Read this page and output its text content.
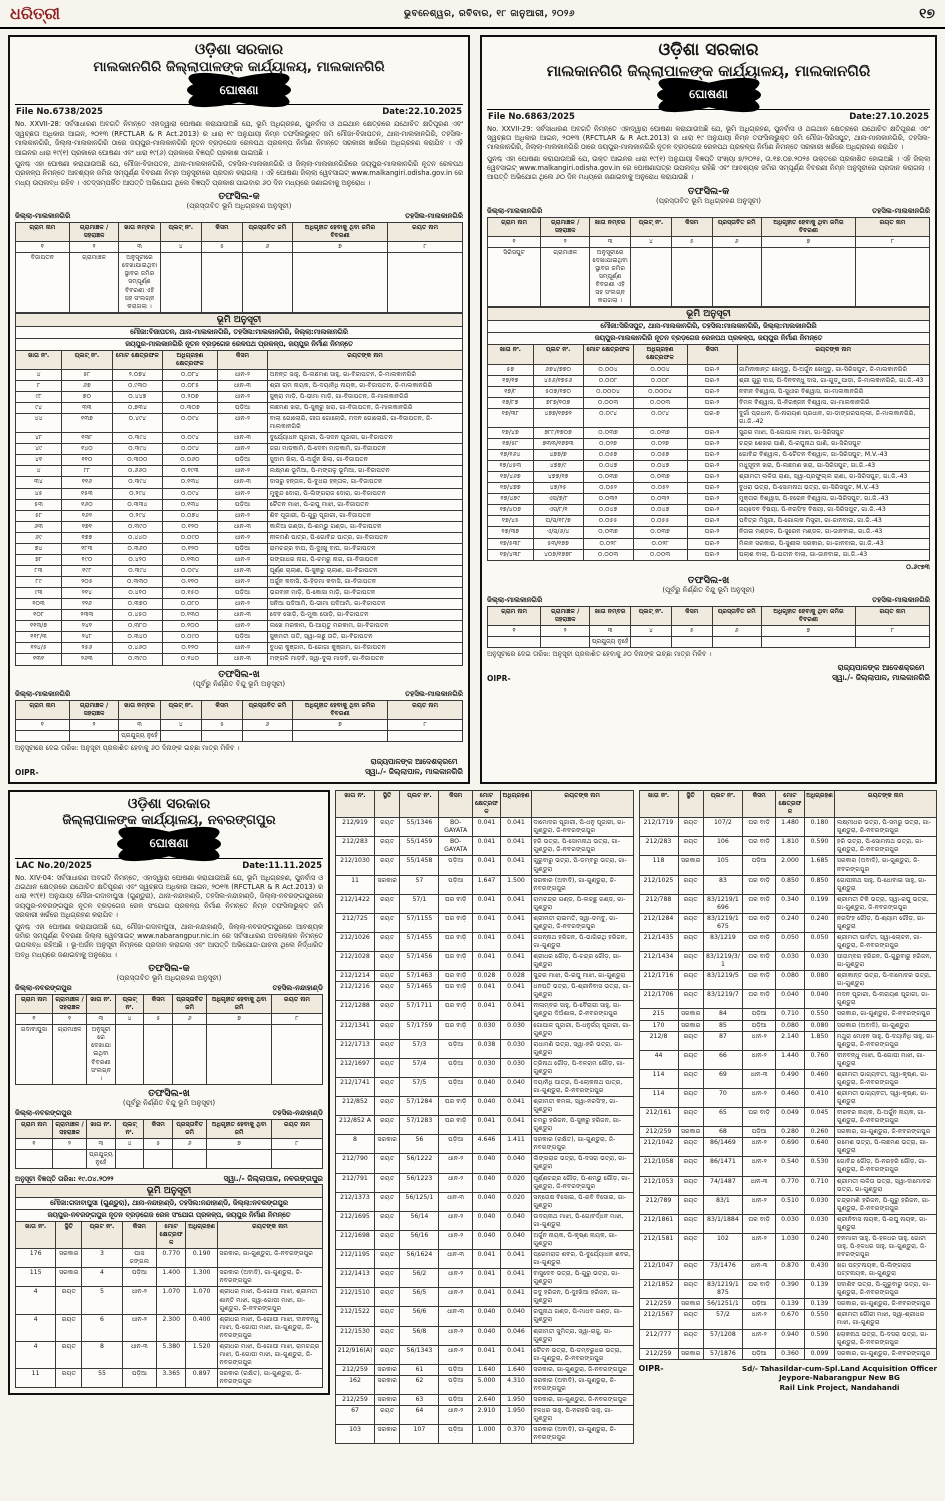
ଧରିତ୍ରୀ	ଭୁବନେଶ୍ୱର, ରବିବାର, ୧୮ ଜାନୁଆରୀ, ୨୦୨୬	୧୭
ଓଡ଼ିଶା ସରକାର
ମାଲକାନଗିରି ଜିଲ୍ଲାପାଳଙ୍କ କାର୍ଯ୍ୟାଳୟ, ମାଲକାନଗିରି
ଘୋଷଣା
File No.6738/2025	Date:22.10.2025

No. XXVII-28: ସର୍ବସାଧାରଣ ଅବଗତି ନିମନ୍ତେ ଏହାଦ୍ୱାରା ଘୋଷଣା କରାଯାଉଅଛି ଯେ, ଭୂମି ଅଧିଗ୍ରହଣ, ପୁନର୍ବାସ ଓ ଥଇଥାନ କ୍ଷେତ୍ରରେ ଯଥୋଚିତ କ୍ଷତିପୂରଣ ଏବଂ ସ୍ୱଚ୍ଛତା ଅଧିକାର ଆଇନ, ୨୦୧୩ (RFCTLAR & R Act.2013) ର ଧାରା ୧୯ ଅନୁଯାୟୀ ନିମ୍ନ ତଫସିଲଭୁକ୍ତ ଜମି ମୌଜା-ବିଜାପତନ, ଥାନା-ମାଲକାନଗିରି, ତହସିଲ-ମାଲକାନଗିରି, ଜିଲ୍ଲା-ମାଲକାନଗିରି ଠାରେ ଜୟପୁର-ମାଲକାନଗିରି ନୂତନ ବ୍ରଡ଼ଗେଜ ରେଳପଥ ପ୍ରକଳ୍ପ ନିର୍ମାଣ ନିମନ୍ତେ ସରକାରୀ ଖର୍ଚ୍ଚରେ ଅଧିଗ୍ରହଣ କରାଯିବ । ଏହି ଆଇନର ଧାରା ୧୯(୧) ପ୍ରକାରେ ଘୋଷଣା ଏବଂ ଧାରା ୧୯(୬) ପ୍ରକାରେ ବିଜ୍ଞପ୍ତି ପ୍ରକାଶ ପାଇଅଛି ।

ପୁନଶ୍ଚ ଏହା ଘୋଷଣା କରାଯାଉଅଛି ଯେ, ମୌଜା-ବିଜାପତନ, ଥାନା-ମାଲକାନଗିରି, ତହସିଲ-ମାଲକାନଗିରି ଓ ଜିଲ୍ଲା-ମାଲକାନଗିରିରେ ଜୟପୁର-ମାଲକାନଗିରି ନୂତନ ରେଳପଥ ପ୍ରକଳ୍ପ ନିମନ୍ତେ ଆବଶ୍ୟକ ଜମିର ସମ୍ପୂର୍ଣ୍ଣ ବିବରଣୀ ନିମ୍ନ ଅନୁସୂଚୀରେ ପ୍ରଦାନ କରାଗଲା । ଏହି ଘୋଷଣା ଜିଲ୍ଲା ୱେବସାଇଟ୍ www.malkangiri.odisha.gov.in ରେ ମଧ୍ୟ ଉପଲବ୍ଧ ରହିବ । ଏତଦ୍‌ସମ୍ପର୍କିତ ଆପତ୍ତି ଅଭିଯୋଗ ଥିଲେ ବିଜ୍ଞପ୍ତି ପ୍ରକାଶ ପାଇବାର ୬୦ ଦିନ ମଧ୍ୟରେ ଜଣାଇବାକୁ ଅନୁରୋଧ ।

ତଫସିଲ-କ
(ପ୍ରସ୍ତାବିତ ଭୂମି ଅଧିଗ୍ରହଣ ଅନୁସୂଚୀ)
ଜିଲ୍ଲା-ମାଲକାନଗିରି	ତହସିଲ-ମାଲକାନଗିରି
ଗ୍ରାମ ନାମ	ଗ୍ରାମାଞ୍ଚଳ / ସହରାଞ୍ଚଳ	ଖାତା ନମ୍ବର	ପ୍ଲଟ୍ ନଂ.	କିସମ	ପ୍ରସ୍ତାବିତ ଜମି	ଅଧିଗୃହୀତ ହେବାକୁ ଥିବା ଜମିର ବିବରଣୀ	ରୟତ ନାମ
୧	୨	୩	୪	୫	୬	୭	୮
ବିଜାପତନ	ଗ୍ରାମାଞ୍ଚଳ	ଅନୁସୂଚୀରେ ଦେଖାଯାଇଥିବା ସ୍ଥାବର ଜମିର ସମ୍ପୂର୍ଣ୍ଣ ବିବରଣୀ ଏହି ସହ ସଂଲଗ୍ନ କରାଗଲା ।					
ଭୂମି ଅନୁସୂଚୀ
ମୌଜା:ବିଜାପତନ, ଥାନା-ମାଲକାନଗିରି, ତହସିଲ:ମାଲକାନଗିରି, ଜିଲ୍ଲା:ମାଲକାନଗିରି
ଜୟପୁର-ମାଲକାନଗିରି ନୂତନ ବ୍ରଡ଼ଗେଜ ରେଳପଥ ପ୍ରକଳ୍ପ, ଜୟପୁର ନିର୍ମାଣ ନିମନ୍ତେ
ଖାତା ନଂ.	ପ୍ଲଟ୍ ନଂ.	ମୋଟ କ୍ଷେତ୍ରଫଳ	ଅଧିଗ୍ରହଣ କ୍ଷେତ୍ରଫଳ	କିସମ	ରୟତଙ୍କ ନାମ
୪	୫୮	୨.୦୭୪	୦.୦୮୪	ଧାନ-୨	ଅନନ୍ତ ସାହୁ, ପି-ଲଛମଣ ସାହୁ, ଗା-ବିଜାପତନ, ଜି-ମାଲକାନଗିରି
୮	୬୭	୦.୯୩୦	୦.୦୮୫	ଧାନ-୩	ଶ୍ରୀ ରାମ ନାୟକ, ପି-ଦୟାନିଧି ନାୟକ, ଗା-ବିଜାପତନ, ଜି-ମାଲକାନଗିରି
୯୮	୭୦	୦.୪୪୭	୦.୨୦୭	ଧାନ-୨	ସୁକ୍ରା ମାଡ଼ି, ପି-ଭୀମା ମାଡ଼ି, ଗା-ବିଜାପତନ, ଜି-ମାଲକାନଗିରି
୯୪	୩୩	୦.୭୩୪	୦.୩୦୭	ପଡ଼ିଆ	ଲଛମଣ ଖରା, ପି-ସୁକ୍ରୁ ଖରା, ଗା-ବିଜାପତନ, ଜି-ମାଲକାନଗିରି
୪୪	୧୩୭	୦.୪୯୪	୦.୦୯୪	ଧାନ-୨	ବାଲା ଗୋଲୋରି, ଗୀତା ଗୋଲୋରି, ମଦନ ଗୋଲୋରି, ଗା-ବିଜାପତନ, ଜି-ମାଲକାନଗିରି
୪୮	୧୩୮	୦.୩୯୪	୦.୦୯୪	ଧାନ-୩	ଦୁର୍ଯ୍ୟୋଧନ ପୂଜାରୀ, ପି-ସଦନ ପୂଜାରୀ, ଗା-ବିଜାପତନ
୪୯	୧୪୦	୦.୩୯୪	୦.୦୯୪	ଧାନ-୨	ଜଗା ମାଡ଼କାମି, ପି-ଦେବା ମାଡ଼କାମି, ଗା-ବିଜାପତନ
୪୧	୧୧୦	୦.୩୦୦	୦.୦୬୦	ପଡ଼ିଆ	ସୁଦାମ ଖିଲା, ପି-ଅର୍ଜୁନ ଖିଲା, ଗା-ବିଜାପତନ
୪	୮୮	୦.୬୬୦	୦.୧୯୩	ଧାନ-୨	ଲକ୍ଷ୍ମଣ ଭୂମିଆ, ପି-ମଙ୍ଗଳୁ ଭୂମିଆ, ଗା-ବିଜାପତନ
୩୪	୧୧୬	୦.୩୯୪	୦.୧୩୪	ଧାନ-୩	ଦାସରୁ ହନ୍ତାଳ, ପି-ବୁଧରା ହନ୍ତାଳ, ଗା-ବିଜାପତନ
୪୫	୧୫୩	୦.୨୯୪	୦.୦୯୪	ଧାନ-୨	ମୁକୁନ୍ଦ ଦୋରା, ପି-ଲିଙ୍ଗରାଜ ଦୋରା, ଗା-ବିଜାପତନ
୫୩	୧୬୦	୦.୩୩୪	୦.୧୩୪	ପଡ଼ିଆ	ଚୈତନ ମାଝୀ, ପି-ରଘୁ ମାଝୀ, ଗା-ବିଜାପତନ
୫୮	୧୬୨	୦.୨୯୪	୦.୦୭୪	ଧାନ-୨	ଶିବ ପୂଜାରୀ, ପି-ଗୁରୁ ପୂଜାରୀ, ଗା-ବିଜାପତନ
୬୩	୧୭୧	୦.୩୯୦	୦.୧୨୦	ଧାନ-୩	କାଳିଆ ଗଣ୍ଡା, ପି-ଶମ୍ଭୁ ଗଣ୍ଡା, ଗା-ବିଜାପତନ
୬୯	୧୭୭	୦.୪୪୦	୦.୦୯୦	ଧାନ-୨	ନୀଳମଣି ପାତ୍ର, ପି-ଗୋବିନ୍ଦ ପାତ୍ର, ଗା-ବିଜାପତନ
୭୪	୧୮୩	୦.୩୬୦	୦.୧୨୦	ପଡ଼ିଆ	ରାମଚନ୍ଦ୍ର ବାଘ, ପି-ଦୁଃଖୁ ବାଘ, ଗା-ବିଜାପତନ
୭୮	୧୯୦	୦.୪୨୦	୦.୧୩୦	ଧାନ-୨	ଗଙ୍ଗାଧର ନାଗ, ପି-ଚମରୁ ନାଗ, ଗା-ବିଜାପତନ
୮୩	୧୯୮	୦.୩୯୪	୦.୦୯୪	ଧାନ-୩	ପୂର୍ଣ୍ଣ ଚାଲାଣ, ପି-ସୁକରୁ ଚାଲାଣ, ଗା-ବିଜାପତନ
୮୯	୨୦୫	୦.୩୩୦	୦.୧୧୦	ଧାନ-୨	ଅର୍ଜୁନ କବାସି, ପି-ହିଡ଼ମା କବାସି, ଗା-ବିଜାପତନ
୯୩	୨୧୪	୦.୪୧୦	୦.୧୫୦	ପଡ଼ିଆ	ଭଗବାନ ମାଡ଼ି, ପି-କୋସା ମାଡ଼ି, ଗା-ବିଜାପତନ
୧୦୩	୨୨୬	୦.୩୭୦	୦.୦୮୦	ଧାନ-୨	ସନିଆ ପଦିଆମି, ପି-ଭୀମା ପଦିଆମି, ଗା-ବିଜାପତନ
୧୦୮	୨୩୩	୦.୪୫୦	୦.୧୩୦	ଧାନ-୩	ଦେବ ସୋଡ଼ି, ପି-ମୁକା ସୋଡ଼ି, ଗା-ବିଜାପତନ
୧୧୩/୭	୨୪୧	୦.୩୮୦	୦.୧୦୦	ଧାନ-୨	ଲଖେ ମରକାମ, ପି-ଆୟତୁ ମରକାମ, ଗା-ବିଜାପତନ
୧୧୮/୩	୨୪୮	୦.୩୪୦	୦.୦୯୦	ପଡ଼ିଆ	ସୁକମତୀ ତାତି, ସ୍ୱା-ଲଛୁ ତାତି, ଗା-ବିଜାପତନ
୧୨୪/୫	୨୫୬	୦.୪୬୦	୦.୧୨୦	ଧାନ-୨	ବୁଧରା କୁଞ୍ଜାମ, ପି-ଜୋଗା କୁଞ୍ଜାମ, ଗା-ବିଜାପତନ
୧୩୧	୨୬୩	୦.୩୯୦	୦.୧୪୦	ଧାନ-୩	ମଙ୍ଗଳି ମାଡ଼ବି, ସ୍ୱା-ଦୁଲା ମାଡ଼ବି, ଗା-ବିଜାପତନ
ତଫସିଲ-ଖ
(ପୂର୍ବରୁ ନିର୍ଣ୍ଣିତ ବିନ୍ଦୁ ଭୂମି ଅନୁସୂଚୀ)
ଜିଲ୍ଲା-ମାଲକାନଗିରି	ତହସିଲ-ମାଲକାନଗିରି
ଗ୍ରାମ ନାମ	ଗ୍ରାମାଞ୍ଚଳ / ସହରାଞ୍ଚଳ	ଖାତା ନମ୍ବର	ପ୍ଲଟ୍ ନଂ.	କିସମ	ପ୍ରସ୍ତାବିତ ଜମି	ଅଧିଗୃହୀତ ହେବାକୁ ଥିବା ଜମିର ବିବରଣୀ	ରୟତ ନାମ
୧	୨	୩	୪	୫	୬	୭	୮
		ପ୍ରଯୁଜ୍ୟ ନୁହେଁ					
ଅନୁସୂଚୀରେ ଦେଇ ତାରିଖ: ଅନୁସୂଚୀ ପ୍ରକାଶିତ ହେବାକୁ ୬୦ ଦିନାଙ୍କ ଇଚ୍ଛା ମାତ୍ର ମିଳିବ ।
OIPR-
ରାଜ୍ୟପାଳଙ୍କ ଆଦେଶକ୍ରମେ
ସ୍ୱା./- ଜିଲ୍ଲାପାଳ, ମାଲକାନଗିରି
ଓଡ଼ିଶା ସରକାର
ମାଲକାନଗିରି ଜିଲ୍ଲାପାଳଙ୍କ କାର୍ଯ୍ୟାଳୟ, ମାଲକାନଗିରି
ଘୋଷଣା
File No.6863/2025	Date:27.10.2025

No. XXVII-29: ସର୍ବସାଧାରଣ ଅବଗତି ନିମନ୍ତେ ଏହାଦ୍ୱାରା ଘୋଷଣା କରାଯାଉଅଛି ଯେ, ଭୂମି ଅଧିଗ୍ରହଣ, ପୁନର୍ବାସ ଓ ଥଇଥାନ କ୍ଷେତ୍ରରେ ଯଥୋଚିତ କ୍ଷତିପୂରଣ ଏବଂ ସ୍ୱଚ୍ଛତା ଅଧିକାର ଆଇନ, ୨୦୧୩ (RFCTLAR & R Act.2013) ର ଧାରା ୧୯ ଅନୁଯାୟୀ ନିମ୍ନ ତଫସିଲଭୁକ୍ତ ଜମି ମୌଜା-ସିରିସପୁଟ, ଥାନା-ମାଲକାନଗିରି, ତହସିଲ-ମାଲକାନଗିରି, ଜିଲ୍ଲା-ମାଲକାନଗିରି ଠାରେ ଜୟପୁର-ମାଲକାନଗିରି ନୂତନ ବ୍ରଡ଼ଗେଜ ରେଳପଥ ପ୍ରକଳ୍ପ ନିର୍ମାଣ ନିମନ୍ତେ ସରକାରୀ ଖର୍ଚ୍ଚରେ ଅଧିଗ୍ରହଣ କରାଯିବ ।

ପୁନଶ୍ଚ ଏହା ଘୋଷଣା କରାଯାଉଅଛି ଯେ, ଉକ୍ତ ଆଇନର ଧାରା ୧୯(୧) ଅନୁଯାୟୀ ବିଜ୍ଞପ୍ତି ସଂଖ୍ୟା ୭/୨୦୨୫, ତା.୧୭.୦୭.୨୦୨୫ ଉକ୍ତରେ ପ୍ରକାଶିତ ହୋଇଅଛି । ଏହି ଜିଲ୍ଲା ୱେବସାଇଟ୍ www.malkangiri.odisha.gov.in ରେ ଘୋଷଣାପତ୍ର ଉପଲବ୍ଧ ରହିଛି ଏବଂ ଆବଶ୍ୟକ ଜମିର ସମ୍ପୂର୍ଣ୍ଣ ବିବରଣୀ ନିମ୍ନ ଅନୁସୂଚୀରେ ପ୍ରଦାନ କରାଗଲା । ଆପତ୍ତି ଅଭିଯୋଗ ଥିଲେ ୬୦ ଦିନ ମଧ୍ୟରେ ଜଣାଇବାକୁ ଅନୁରୋଧ କରାଯାଉଛି ।

ତଫସିଲ-କ
(ପ୍ରସ୍ତାବିତ ଭୂମି ଅଧିଗ୍ରହଣ ଅନୁସୂଚୀ)
ଜିଲ୍ଲା-ମାଲକାନଗିରି	ତହସିଲ-ମାଲକାନଗିରି
ଗ୍ରାମ ନାମ	ଗ୍ରାମାଞ୍ଚଳ / ସହରାଞ୍ଚଳ	ଖାତା ନମ୍ବର	ପ୍ଲଟ୍ ନଂ.	କିସମ	ପ୍ରସ୍ତାବିତ ଜମି	ଅଧିଗୃହୀତ ହେବାକୁ ଥିବା ଜମିର ବିବରଣୀ	ରୟତ ନାମ
୧	୨	୩	୪	୫	୬	୭	୮
ସିରିସପୁଟ	ଗ୍ରାମାଞ୍ଚଳ	ଅନୁସୂଚୀରେ ଦେଖାଯାଇଥିବା ସ୍ଥାବର ଜମିର ସମ୍ପୂର୍ଣ୍ଣ ବିବରଣୀ ଏହି ସହ ସଂଲଗ୍ନ କରାଗଲା ।					
ଭୂମି ଅନୁସୂଚୀ
ମୌଜା:ସିରିସପୁଟ, ଥାନା-ମାଲକାନଗିରି, ତହସିଲ:ମାଲକାନଗିରି, ଜିଲ୍ଲା:ମାଲକାନଗିରି
ଜୟପୁର-ମାଲକାନଗିରି ନୂତନ ବ୍ରଡ଼ଗେଜ ରେଳପଥ ପ୍ରକଳ୍ପ, ଜୟପୁର ନିର୍ମାଣ ନିମନ୍ତେ
ଖାତା ନଂ.	ପ୍ଲଟ ନଂ.	ମୋଟ କ୍ଷେତ୍ରଫଳ	ଅଧିଗ୍ରହଣ କ୍ଷେତ୍ରଫଳ	କିସମ	ରୟତଙ୍କ ନାମ
୫୭	୬୭୪/୭୭୦	୦.୦୦୪	୦.୦୦୪	ଘର-୨	ଜାମିନୀକାନ୍ତ ଖେମୁଡୁ, ପି-ଅର୍ଜୁନ ଖେମୁଡୁ, ଗା-ସିରିସପୁଟ, ଜି-ମାଲକାନଗିରି
୧୭/୧୭	୪୫୬/୧୭୫୬	୦.୦୦୮	୦.୦୦୮	ଘର-୨	ଶ୍ରୀ ଗୁରୁ ଦାସ, ପି-ଦିନବନ୍ଧୁ ଦାସ, ଗା-ଗୁଡ଼ୁପାଡ଼ା, ଜି-ମାଲକାନଗିରି, ଗା.ଜି.-43
୧୭/୮	୫୦୭/୧୭୦	୦.୦୦୦୪	୦.୦୦୦୪	ଘର-୨	ନବୀନ ବିଶ୍ୱାସ, ପି-ସୁଧୀର ବିଶ୍ୱାସ, ଗା-ମାଲକାନଗିରି
୧୭/୮୭	୭୮୭/୧୦୭	୦.୦୦୩	୦.୦୦୩	ଘର-୨	ବିମଳ ବିଶ୍ୱାସ, ପି-ନିରଞ୍ଜନ ବିଶ୍ୱାସ, ଗା-ମାଲକାନଗିରି
୧୭/୩୮	୪୭୭/୧୭୭୨	୦.୦୯୪	୦.୦୯୪	ଘର-୭	ଦୁର୍ଗା ପ୍ରଧାନ, ପି-ନାରାୟଣ ପ୍ରଧାନ, ଗା-ଡାଙ୍ଗରପଲ୍ଲୀ, ଜି-ମାଲକାନଗିରି, ଗା.ଜି.-42
୧୭/୪୭	୭୮୮/୧୭୦୭	୦.୦୩୭	୦.୦୩୭	ଘର-୨	ସୁନ୍ଦର ମାଝୀ, ପି-ଗୋପାଳ ମାଝୀ, ଗା-ସିରିସପୁଟ
୧୭/୫୮	୭୩୩/୧୭୭୩	୦.୦୨୭	୦.୦୨୭	ଘର-୨	ଚନ୍ଦ୍ର ଶେଖର ପାଣି, ପି-ରଘୁନାଥ ପାଣି, ଗା-ସିରିସପୁଟ
୧୭/୧୬୪	୪୭୭/୭	୦.୦୫୭	୦.୦୫୭	ଘର-୨	ଗୋବିନ୍ଦ ବିଶ୍ୱାଳ, ପି-ଚୈତନ ବିଶ୍ୱାଳ, ଗା-ସିରିସପୁଟ, M.V.-43
୧୭/୪୫୩	୪୭୭/୯	୦.୦୪୭	୦.୦୪୭	ଘର-୨	ମଧୁସୂଦନ ଖରା, ପି-ଲଛମଣ ଖରା, ଗା-ସିରିସପୁଟ, ଗା.ଜି.-43
୧୭/୪୬୭	୪୭୭/୧୭	୦.୦୩୭	୦.୦୩୭	ଘର-୨	ଶ୍ରୀମତୀ ଲଳିତା ରାଣା, ସ୍ୱା-ପ୍ରଫୁଲ୍ଲ ରାଣା, ଗା-ସିରିସପୁଟ, ଗା.ଜି.-43
୧୭/୪୭୭	୪୭/୨୫	୦.୦୫୨	୦.୦୫୨	ଘର-୨	ବୁଧରା ଭତ୍ରା, ପି-ସୋମନାଥ ଭତ୍ରା, ଗା-ସିରିସପୁଟ, M.V.-43
୧୭/୪୭୯	ଏସ/୭/୮	୦.୦୩୨	୦.୦୩୨	ଘର-୨	ମୁକ୍ତାର ବିଶ୍ୱାସ, ପି-ହରେନ ବିଶ୍ୱାସ, ଗା-ସିରିସପୁଟ, ଗା.ଜି.-43
୧୭/୪୦୭	ଏସ/୮/୧	୦.୦୪୭	୦.୦୪୭	ଘର-୨	ଜୟଦେବ ବିଷୟୀ, ପି-ନରସିଂହ ବିଷୟୀ, ଗା-ସିରିସପୁଟ, ଗା.ଜି.-43
୧୭/୪୫	ଘ/ସ/୧୮/୭	୦.୦୫୫	୦.୦୫୫	ଘର-୨	ପବିତ୍ର ମିସ୍ତ୍ରୀ, ପି-ଗୋଲକ ମିସ୍ତ୍ରୀ, ଗା-ଜାନବାଇ, ଗା.ଜି.-43
୧୭/୩୭	ଏ/ସ/୬/୪	୦.୦୩୭	୦.୦୩୭	ଘର-୨	ନିତାଇ ମଣ୍ଡଳ, ପି-ସୁରେନ ମଣ୍ଡଳ, ଗା-ଜାନବାଇ, ଗା.ଜି.-43
୧୭/୫୩୮	୫୩/୧୭୭	୦.୦୨୮	୦.୦୨୮	ଘର-୨	ମିଲନ ସରକାର, ପି-ସୁଶୀଲ ସରକାର, ଗା-ଜାନବାଇ, ଗା.ଜି.-43
୧୭/୪୩୮	୪୦୭/୧୭୭୮	୦.୦୦୩	୦.୦୦୩	ଘର-୨	ପଲାଶ ବାଲା, ପି-ଯତୀନ ବାଲା, ଗା-ଜାନବାଇ, ଗା.ଜି.-43
୦.୬୯୭୩
ତଫସିଲ-ଖ
(ପୂର୍ବରୁ ନିର୍ଣ୍ଣିତ ବିନ୍ଦୁ ଭୂମି ଅନୁସୂଚୀ)
ଜିଲ୍ଲା-ମାଲକାନଗିରି	ତହସିଲ-ମାଲକାନଗିରି
ଗ୍ରାମ ନାମ	ଗ୍ରାମାଞ୍ଚଳ / ସହରାଞ୍ଚଳ	ଖାତା ନମ୍ବର	ପ୍ଲଟ୍ ନଂ.	କିସମ	ପ୍ରସ୍ତାବିତ ଜମି	ଅଧିଗୃହୀତ ହେବାକୁ ଥିବା ଜମିର ବିବରଣୀ	ରୟତ ନାମ
୧	୨	୩	୪	୫	୬	୭	୮
		ପ୍ରଯୁଜ୍ୟ ନୁହେଁ					
ଅନୁସୂଚୀରେ ଦେଇ ତାରିଖ: ଅନୁସୂଚୀ ପ୍ରକାଶିତ ହେବାକୁ ୬୦ ଦିନାଙ୍କ ଇଚ୍ଛା ମାତ୍ର ମିଳିବ ।
OIPR-
ରାଜ୍ୟପାଳଙ୍କ ଆଦେଶକ୍ରମେ
ସ୍ୱା./- ଜିଲ୍ଲାପାଳ, ମାଲକାନଗିରି
ଓଡ଼ିଶା ସରକାର
ଜିଲ୍ଲାପାଳଙ୍କ କାର୍ଯ୍ୟାଳୟ, ନବରଙ୍ଗପୁର
ଘୋଷଣା
LAC No.20/2025	Date:11.11.2025

No. XIV-04: ସର୍ବସାଧାରଣ ଅବଗତି ନିମନ୍ତେ, ଏହାଦ୍ୱାରା ଘୋଷଣା କରାଯାଉଅଛି ଯେ, ଭୂମି ଅଧିଗ୍ରହଣ, ପୁନର୍ବାସ ଓ ଥଇଥାନ କ୍ଷେତ୍ରରେ ଯଥୋଚିତ କ୍ଷତିପୂରଣ ଏବଂ ସ୍ୱଚ୍ଛତା ଅଧିକାର ଆଇନ, ୨୦୧୩ (RFCTLAR & R Act.2013) ର ଧାରା ୧୯(୧) ଅନୁଯାୟୀ ମୌଜା-ଗଦାବାଘୁସା (ଗୁଣ୍ଡୁରା), ଥାନା-ନନ୍ଦାହାଣ୍ଡି, ତହସିଲ-ନନ୍ଦାହାଣ୍ଡି, ଜିଲ୍ଲା-ନବରଙ୍ଗପୁରରେ ଜୟପୁର-ନବରଙ୍ଗପୁର ନୂତନ ବ୍ରଡ଼ଗେଜ ରେଳ ସଂଯୋଗ ପ୍ରକଳ୍ପ ନିର୍ମାଣ ନିମନ୍ତେ ନିମ୍ନ ତଫସିଲଭୁକ୍ତ ଜମି ସରକାରୀ ଖର୍ଚ୍ଚରେ ଅଧିଗ୍ରହଣ କରାଯିବ ।

ପୁନଶ୍ଚ ଏହା ଘୋଷଣା କରାଯାଉଅଛି ଯେ, ମୌଜା-ଗଦାବାଘୁସା, ଥାନା-ନନ୍ଦାହାଣ୍ଡି, ଜିଲ୍ଲା-ନବରଙ୍ଗପୁରରେ ଆବଶ୍ୟକ ଜମିର ସମ୍ପୂର୍ଣ୍ଣ ବିବରଣୀ ଜିଲ୍ଲା ୱେବସାଇଟ୍ www.nabarangpur.nic.in ରେ ସର୍ବସାଧାରଣ ଅବଲୋକନ ନିମନ୍ତେ ଉପଲବ୍ଧ ରହିଅଛି । ଭୂ-ଅର୍ଜନ ଅନୁସୂଚୀ ନିମ୍ନରେ ପ୍ରଦାନ କରାଗଲା ଏବଂ ଆପତ୍ତି ଅଭିଯୋଗ-ଯାଚନା ଥିଲେ ନିର୍ଦ୍ଧାରିତ ଅବଧି ମଧ୍ୟରେ ଜଣାଇବାକୁ ଅନୁରୋଧ ।

ତଫସିଲ-କ
(ପ୍ରସ୍ତାବିତ ଭୂମି ଅଧିଗ୍ରହଣ ଅନୁସୂଚୀ)
ଜିଲ୍ଲା-ନବରଙ୍ଗପୁର	ତହସିଲ-ନନ୍ଦାହାଣ୍ଡି
ଗ୍ରାମ ନାମ	ଗ୍ରାମାଞ୍ଚଳ / ସହରାଞ୍ଚଳ	ଖାତା ନଂ.	ପ୍ଲଟ୍ ନଂ.	କିସମ	ପ୍ରସ୍ତାବିତ ଜମି	ଅଧିଗୃହୀତ ହେବାକୁ ଥିବା ଜମି	ରୟତ ନାମ
୧	୨	୩	୪	୫	୬	୭	୮
ଗଦାବାଘୁସା	ଗ୍ରାମାଞ୍ଚଳ	ଅନୁସୂଚୀରେ ଦେଖାଯାଇଥିବା ବିବରଣୀ ସଂଲଗ୍ନ ।					
ତଫସିଲ-ଖ
(ପୂର୍ବରୁ ନିର୍ଣ୍ଣିତ ବିନ୍ଦୁ ଭୂମି ଅନୁସୂଚୀ)
ଜିଲ୍ଲା-ନବରଙ୍ଗପୁର	ତହସିଲ-ନନ୍ଦାହାଣ୍ଡି
ଗ୍ରାମ ନାମ	ଗ୍ରାମାଞ୍ଚଳ / ସହରାଞ୍ଚଳ	ଖାତା ନଂ.	ପ୍ଲଟ୍ ନଂ.	କିସମ	ପ୍ରସ୍ତାବିତ ଜମି	ଅଧିଗୃହୀତ ହେବାକୁ ଥିବା ଜମି	ରୟତ ନାମ
୧	୨	୩	୪	୫	୬	୭	୮
		ପ୍ରଯୁଜ୍ୟ ନୁହେଁ					
ଅନୁସୂଚୀ ବିଜ୍ଞପ୍ତି ତାରିଖ: ୧୯.୦୪.୨୦୨୨	ସ୍ୱା./- ଜିଲ୍ଲାପାଳ, ନବରଙ୍ଗପୁର
ଭୂମି ଅନୁସୂଚୀ
ମୌଜା:ଗଦାବାଘୁସା (ଗୁଣ୍ଡୁରା), ଥାନା-ନନ୍ଦାହାଣ୍ଡି, ତହସିଲ:ନନ୍ଦାହାଣ୍ଡି, ଜିଲ୍ଲା:ନବରଙ୍ଗପୁର
ଜୟପୁର-ନବରଙ୍ଗପୁର ନୂତନ ବ୍ରଡ଼ଗେଜ ରେଳ ସଂଯୋଗ ପ୍ରକଳ୍ପ, ଜୟପୁର ନିର୍ମାଣ ନିମନ୍ତେ
ଖାତା ନଂ.	ସ୍ଥିତି	ପ୍ଲଟ ନଂ.	କିସମ	ମୋଟ କ୍ଷେତ୍ରଫଳ	ଅଧିଗ୍ରହଣ	ରୟତଙ୍କ ନାମ
176	ସରକାର	3	ଘାସ ଜଙ୍ଗଲ	0.770	0.190	ସରକାର, ଗା-ଗୁଣ୍ଡୁରା, ଜି-ନବରଙ୍ଗପୁର
115	ସରକାର	4	ପଡ଼ିଆ	1.400	1.300	ସରକାର (ଅବାଦି), ଗା-ଗୁଣ୍ଡୁରା, ଜି-ନବରଙ୍ଗପୁର
4	ରୟତ	5	ଧାନ-୨	1.070	1.070	ଶ୍ରୀଧର ମାଝୀ, ପି-ଗୋପୀ ମାଝୀ, ଶ୍ରୀମତୀ ଶାନ୍ତି ମାଝୀ, ସ୍ୱା-ଗୋପୀ ମାଝୀ, ଗା-ଗୁଣ୍ଡୁରା, ଜି-ନବରଙ୍ଗପୁର
4	ରୟତ	6	ଧାନ-୨	2.300	0.400	ଶ୍ରୀଧର ମାଝୀ, ପି-ଗୋପୀ ମାଝୀ, ଦୀନବନ୍ଧୁ ମାଝୀ, ପି-ଗୋପୀ ମାଝୀ, ଗା-ଗୁଣ୍ଡୁରା, ଜି-ନବରଙ୍ଗପୁର
4	ରୟତ	8	ଧାନ-୩	5.380	1.520	ଶ୍ରୀଧର ମାଝୀ, ପି-ଗୋପୀ ମାଝୀ, ରାମଚନ୍ଦ୍ର ମାଝୀ, ପି-ଗୋପୀ ମାଝୀ, ଗା-ଗୁଣ୍ଡୁରା, ଜି-ନବରଙ୍ଗପୁର
11	ରୟତ	55	ପଡ଼ିଆ	3.365	0.897	ସରକାର (ରକ୍ଷିତ), ଗା-ଗୁଣ୍ଡୁରା, ଜି-ନବରଙ୍ଗପୁର
ଖାତା ନଂ.	ସ୍ଥିତି	ପ୍ଲଟ ନଂ.	କିସମ	ମୋଟ କ୍ଷେତ୍ରଫଳ	ଅଧିଗ୍ରହଣ	ରୟତଙ୍କ ନାମ
212/919	ରୟତ	55/1346	BO-GAYATA	0.041	0.041	ଦାମୋଦର ପୂଜାରୀ, ପି-ଧନୁ ପୂଜାରୀ, ଗା-ଗୁଣ୍ଡୁରା, ଜି-ନବରଙ୍ଗପୁର
212/283	ରୟତ	55/1459	BO-GAYATA	0.041	0.041	ହରି ଭତ୍ରା, ପି-ସୋମନାଥ ଭତ୍ରା, ଗା-ଗୁଣ୍ଡୁରା, ଜି-ନବରଙ୍ଗପୁର
212/1030	ରୟତ	55/1458	ପଡ଼ିଆ	0.041	0.041	ଗୁରୁବାରୁ ଭତ୍ରା, ପି-ଡମ୍ବରୁ ଭତ୍ରା, ଗା-ଗୁଣ୍ଡୁରା
11	ସରକାର	57	ପଡ଼ିଆ	1.647	1.500	ସରକାର (ଅବାଦି), ଗା-ଗୁଣ୍ଡୁରା, ଜି-ନବରଙ୍ଗପୁର
212/1422	ରୟତ	57/1	ଘର ବାଡ଼ି	0.041	0.041	ରାମଚନ୍ଦ୍ର ଗଣ୍ଡ, ପି-ଲଚ୍ଛୁ ଗଣ୍ଡ, ଗା-ଗୁଣ୍ଡୁରା
212/725	ରୟତ	57/1155	ଘର ବାଡ଼ି	0.041	0.041	ଶ୍ରୀମତୀ ରାଇମତି, ସ୍ୱା-ଡମ୍ବୁ, ଗା-ଗୁଣ୍ଡୁରା, ଜି-ନବରଙ୍ଗପୁର
212/1026	ରୟତ	57/1455	ଘର ବାଡ଼ି	0.041	0.041	ଜଗନ୍ନାଥ ହରିଜନ, ପି-ଭାଗିରଥି ହରିଜନ, ଗା-ଗୁଣ୍ଡୁରା
212/1028	ରୟତ	57/1456	ଘର ବାଡ଼ି	0.041	0.041	ଶ୍ରୀଧର ଗୌଡ଼, ପି-ଚନ୍ଦ୍ର ଗୌଡ଼, ଗା-ଗୁଣ୍ଡୁରା
212/1214	ରୟତ	57/1463	ଘର ବାଡ଼ି	0.028	0.028	ସୁନ୍ଦର ମାଝୀ, ପି-ରଘୁ ମାଝୀ, ଗା-ଗୁଣ୍ଡୁରା
212/1216	ରୟତ	57/1465	ଘର ବାଡ଼ି	0.041	0.041	ଧନପତି ଭତ୍ରା, ପି-ଶ୍ରୀନିବାସ ଭତ୍ରା, ଗା-ଗୁଣ୍ଡୁରା
212/1288	ରୟତ	57/1711	ଘର ବାଡ଼ି	0.041	0.041	ନୀଳାମ୍ବର ସାହୁ, ପି-ବୈରାଗୀ ସାହୁ, ଗା-ଗୁଣ୍ଡୁରା ଦିଅଁଶାଳା, ଜି-ନବରଙ୍ଗପୁର
212/1341	ରୟତ	57/1759	ଘର ବାଡ଼ି	0.030	0.030	ଗୋପାଳ ପୂଜାରୀ, ପି-ଧନୁର୍ଜୟ ପୂଜାରୀ, ଗା-ଗୁଣ୍ଡୁରା
212/1713	ରୟତ	57/3	ପଡ଼ିଆ	0.038	0.030	ରାଧାମଣି ଭତ୍ରା, ସ୍ୱା-ହରି ଭତ୍ରା, ଗା-ଗୁଣ୍ଡୁରା
212/1697	ରୟତ	57/4	ପଡ଼ିଆ	0.030	0.030	ତ୍ରିନାଥ ଗୌଡ଼, ପି-ବଳରାମ ଗୌଡ଼, ଗା-ଗୁଣ୍ଡୁରା
212/1741	ରୟତ	57/5	ପଡ଼ିଆ	0.040	0.040	ଦୟାନିଧି ପାତ୍ର, ପି-ଲୋକନାଥ ପାତ୍ର, ଗା-ଗୁଣ୍ଡୁରା, ଜି-ନବରଙ୍ଗପୁର
212/852	ରୟତ	57/1284	ଘର ବାଡ଼ି	0.040	0.041	ଶ୍ରୀମତୀ କମଳା, ସ୍ୱା-ନରସିଂହ, ଗା-ଗୁଣ୍ଡୁରା
212/852 A	ରୟତ	57/1283	ଘର ବାଡ଼ି	0.041	0.041	ଚମରୁ ହରିଜନ, ପି-ସୁକରୁ ହରିଜନ, ଗା-ଗୁଣ୍ଡୁରା
8	ସରକାର	56	ପଡ଼ିଆ	4.646	1.411	ସରକାର (ରକ୍ଷିତ), ଗା-ଗୁଣ୍ଡୁରା, ଜି-ନବରଙ୍ଗପୁର
212/790	ରୟତ	56/1222	ଧାନ-୨	0.040	0.040	ଲିଙ୍ଗରାଜ ଭତ୍ରା, ପି-ଦସରା ଭତ୍ରା, ଗା-ଗୁଣ୍ଡୁରା
212/791	ରୟତ	56/1223	ଧାନ-୨	0.040	0.020	ପୂର୍ଣ୍ଣଚନ୍ଦ୍ର ଗୌଡ଼, ପି-ଶମ୍ଭୁ ଗୌଡ଼, ଗା-ଗୁଣ୍ଡୁରା, ଜି-ନବରଙ୍ଗପୁର
212/1373	ରୟତ	56/125/1	ଧାନ-୩	0.040	0.020	ସନ୍ତୋଷ ବିସୋଇ, ପି-ରବି ବିସୋଇ, ଗା-ଗୁଣ୍ଡୁରା
212/1695	ରୟତ	56/14	ଧାନ-୨	0.040	0.040	ଉଦୟନାଥ ମାଝୀ, ପି-ଗୋବର୍ଦ୍ଧନ ମାଝୀ, ଗା-ଗୁଣ୍ଡୁରା
212/1698	ରୟତ	56/16	ଧାନ-୨	0.040	0.040	ଅର୍ଜୁନ ନାୟକ, ପି-କୃଷ୍ଣ ନାୟକ, ଗା-ଗୁଣ୍ଡୁରା
212/1195	ରୟତ	56/1624	ଧାନ-୩	0.041	0.041	ପ୍ରେମରାଜ ଶବର, ପି-ଦୁର୍ଯ୍ୟୋଧନ ଶବର, ଗା-ଗୁଣ୍ଡୁରା
212/1413	ରୟତ	56/2	ଧାନ-୨	0.041	0.041	ବାସୁଦେବ ଭତ୍ରା, ପି-ଗୁରୁ ଭତ୍ରା, ଗା-ଗୁଣ୍ଡୁରା
212/1510	ରୟତ	56/5	ଧାନ-୨	0.041	0.041	ଜଦୁ ହରିଜନ, ପି-ଦୁଃଖିଆ ହରିଜନ, ଗା-ଗୁଣ୍ଡୁରା
212/1522	ରୟତ	56/6	ଧାନ-୩	0.040	0.040	ରଘୁନାଥ ଗଣ୍ଡ, ପି-ମାଧବ ଗଣ୍ଡ, ଗା-ଗୁଣ୍ଡୁରା
212/1530	ରୟତ	56/8	ଧାନ-୨	0.040	0.046	ଶ୍ରୀମତୀ ସୁମିତ୍ରା, ସ୍ୱା-ରାଜୁ, ଗା-ଗୁଣ୍ଡୁରା
212/916(A)	ରୟତ	56/1343	ଧାନ-୨	0.041	0.041	ଚୈତନ ଭତ୍ରା, ପି-ଡମ୍ବରୁଧର ଭତ୍ରା, ଗା-ଗୁଣ୍ଡୁରା, ଜି-ନବରଙ୍ଗପୁର
212/259	ସରକାର	61	ପଡ଼ିଆ	1.640	1.640	ସରକାର, ଗା-ଗୁଣ୍ଡୁରା, ଜି-ନବରଙ୍ଗପୁର
162	ସରକାର	62	ପଡ଼ିଆ	5.000	4.310	ସରକାର (ଅବାଦି), ଗା-ଗୁଣ୍ଡୁରା, ଜି-ନବରଙ୍ଗପୁର
212/259	ସରକାର	63	ପଡ଼ିଆ	2.640	1.950	ସରକାର, ଗା-ଗୁଣ୍ଡୁରା, ଜି-ନବରଙ୍ଗପୁର
67	ରୟତ	64	ଧାନ-୨	2.910	1.950	ହଳଧର ସାହୁ, ପି-ନରହରି ସାହୁ, ଗା-ଗୁଣ୍ଡୁରା
103	ସରକାର	107	ପଡ଼ିଆ	1.000	0.370	ସରକାର (ଅବାଦି), ଗା-ଗୁଣ୍ଡୁରା, ଜି-ନବରଙ୍ଗପୁର
ଖାତା ନଂ.	ସ୍ଥିତି	ପ୍ଲଟ ନଂ.	କିସମ	ମୋଟ କ୍ଷେତ୍ରଫଳ	ଅଧିଗ୍ରହଣ	ରୟତଙ୍କ ନାମ
212/1719	ରୟତ	107/2	ଘର ବାଡ଼ି	1.480	0.180	ଲକ୍ଷ୍ମୀଧର ଭତ୍ରା, ପି-ସମରୁ ଭତ୍ରା, ଗା-ଗୁଣ୍ଡୁରା, ଜି-ନବରଙ୍ଗପୁର
212/283	ରୟତ	106	ଘର ବାଡ଼ି	1.810	0.590	ହରି ଭତ୍ରା, ପି-ସୋମନାଥ ଭତ୍ରା, ଗା-ଗୁଣ୍ଡୁରା, ଜି-ନବରଙ୍ଗପୁର
118	ସରକାର	105	ପଡ଼ିଆ	2.000	1.685	ସରକାର (ଅବାଦି), ଗା-ଗୁଣ୍ଡୁରା, ଜି-ନବରଙ୍ଗପୁର
212/1025	ରୟତ	83	ଘର ବାଡ଼ି	0.850	0.850	ଗୋପୀନାଥ ସାହୁ, ପି-ଧୋବାଇ ସାହୁ, ଗା-ଗୁଣ୍ଡୁରା
212/788	ରୟତ	83/1219/1696	ଘର ବାଡ଼ି	0.340	0.199	ଶ୍ରୀମତୀ ଟିକି ଭତ୍ରା, ସ୍ୱା-ରଘୁ ଭତ୍ରା, ଗା-ଗୁଣ୍ଡୁରା, ଜି-ନବରଙ୍ଗପୁର
212/1284	ରୟତ	83/1219/1675	ଘର ବାଡ଼ି	0.240	0.240	ନରସିଂହ ଗୌଡ଼, ପି-ଶ୍ୟାମ ଗୌଡ଼, ଗା-ଗୁଣ୍ଡୁରା
212/1435	ରୟତ	83/1219	ଘର ବାଡ଼ି	0.050	0.050	ଶ୍ରୀମତୀ ପାର୍ବତୀ, ସ୍ୱା-ଲୋଚନ, ଗା-ଗୁଣ୍ଡୁରା, ଜି-ନବରଙ୍ଗପୁର
212/1434	ରୟତ	83/1219/3/1	ଘର ବାଡ଼ି	0.030	0.030	ପୀତାମ୍ବର ହରିଜନ, ପି-ଗୁରୁବାରୁ ହରିଜନ, ଗା-ଗୁଣ୍ଡୁରା
212/1716	ରୟତ	83/1219/5	ଘର ବାଡ଼ି	0.080	0.080	ଶ୍ରୀକାନ୍ତ ଭତ୍ରା, ପି-ଦାମୋଦର ଭତ୍ରା, ଗା-ଗୁଣ୍ଡୁରା
212/1706	ରୟତ	83/1219/7	ଘର ବାଡ଼ି	0.040	0.040	ମଦନ ପୂଜାରୀ, ପି-ନାରାୟଣ ପୂଜାରୀ, ଗା-ଗୁଣ୍ଡୁରା
215	ସରକାର	84	ପଡ଼ିଆ	0.710	0.550	ସରକାର, ଗା-ଗୁଣ୍ଡୁରା, ଜି-ନବରଙ୍ଗପୁର
170	ସରକାର	85	ପଡ଼ିଆ	0.080	0.080	ସରକାର (ଅବାଦି), ଗା-ଗୁଣ୍ଡୁରା
212/8	ରୟତ	87	ଧାନ-୨	2.140	1.850	ମଥୁରା ମୋହନ ସାହୁ, ପି-ଦୟାନିଧି ସାହୁ, ଗା-ଗୁଣ୍ଡୁରା, ଜି-ନବରଙ୍ଗପୁର
44	ରୟତ	66	ଧାନ-୨	1.440	0.760	ଦୀନବନ୍ଧୁ ମାଝୀ, ପି-ଗୋପୀ ମାଝୀ, ଗା-ଗୁଣ୍ଡୁରା
114	ରୟତ	69	ଧାନ-୩	0.490	0.460	ଶ୍ରୀମତୀ ଭାଗ୍ୟବତୀ, ସ୍ୱା-କୃଷ୍ଣ, ଗା-ଗୁଣ୍ଡୁରା, ଜି-ନବରଙ୍ଗପୁର
114	ରୟତ	70	ଧାନ-୨	0.460	0.410	ଶ୍ରୀମତୀ ଭାଗ୍ୟବତୀ, ସ୍ୱା-କୃଷ୍ଣ, ଗା-ଗୁଣ୍ଡୁରା
212/161	ରୟତ	65	ଘର ବାଡ଼ି	0.049	0.045	ବୀରବର ନାୟକ, ପି-ଅର୍ଜୁନ ନାୟକ, ଗା-ଗୁଣ୍ଡୁରା, ଜି-ନବରଙ୍ଗପୁର
212/259	ସରକାର	68	ପଡ଼ିଆ	0.280	0.260	ସରକାର, ଗା-ଗୁଣ୍ଡୁରା, ଜି-ନବରଙ୍ଗପୁର
212/1042	ରୟତ	86/1469	ଧାନ-୨	0.690	0.640	ରମେଶ ଭତ୍ରା, ପି-ଲଛମଣ ଭତ୍ରା, ଗା-ଗୁଣ୍ଡୁରା
212/1058	ରୟତ	86/1471	ଧାନ-୨	0.540	0.530	ଗୋବିନ୍ଦ ଗୌଡ଼, ପି-ନରହରି ଗୌଡ଼, ଗା-ଗୁଣ୍ଡୁରା, ଜି-ନବରଙ୍ଗପୁର
212/1053	ରୟତ	74/1487	ଧାନ-୩	0.770	0.710	ଶ୍ରୀମତୀ ଲଳିତା ଭତ୍ରା, ସ୍ୱା-ଦାମୋଦର ଭତ୍ରା, ଗା-ଗୁଣ୍ଡୁରା
212/789	ରୟତ	83/1	ଧାନ-୨	0.510	0.030	ଚନ୍ଦ୍ରମଣି ହରିଜନ, ପି-ଗୁରୁ ହରିଜନ, ଗା-ଗୁଣ୍ଡୁରା, ଜି-ନବରଙ୍ଗପୁର
212/1861	ରୟତ	83/1/1884	ଘର ବାଡ଼ି	0.030	0.030	ଶ୍ରୀନିବାସ ନାୟକ, ପି-ରଘୁ ନାୟକ, ଗା-ଗୁଣ୍ଡୁରା
212/1581	ରୟତ	102	ଧାନ-୨	1.030	0.240	ବନମାଳୀ ସାହୁ, ପି-ହଳଧର ସାହୁ, ଗୋଟୀ ସାହୁ, ପି-ହଳଧର ସାହୁ, ଗା-ଗୁଣ୍ଡୁରା, ଜି-ନବରଙ୍ଗପୁର
212/1047	ରୟତ	73/1476	ଧାନ-୩	0.870	0.430	ଖଗ ପଟ୍ଟନାୟକ, ପି-ଲିଙ୍ଗରାଜ ପଟ୍ଟନାୟକ, ଗା-ଗୁଣ୍ଡୁରା
212/1852	ରୟତ	83/1219/1875	ଘର ବାଡ଼ି	0.390	0.139	ସଦାଶିବ ଭତ୍ରା, ପି-ଗୁରୁବାରୁ ଭତ୍ରା, ଗା-ଗୁଣ୍ଡୁରା, ଜି-ନବରଙ୍ଗପୁର
212/259	ସରକାର	56/1251/1	ପଡ଼ିଆ	0.139	0.139	ସରକାର, ଗା-ଗୁଣ୍ଡୁରା, ଜି-ନବରଙ୍ଗପୁର
212/1567	ରୟତ	57/2	ଧାନ-୨	0.670	0.550	ଶ୍ରୀମତୀ ଗୌରୀ ମାଝୀ, ସ୍ୱା-ଶ୍ରୀଧର ମାଝୀ, ଗା-ଗୁଣ୍ଡୁରା
212/777	ରୟତ	57/1208	ଧାନ-୨	0.940	0.590	ଲୋକନାଥ ଭତ୍ରା, ପି-ଦସରା ଭତ୍ରା, ଗା-ଗୁଣ୍ଡୁରା, ଜି-ନବରଙ୍ଗପୁର
212/259	ସରକାର	57/1876	ପଡ଼ିଆ	0.360	0.099	ସରକାର, ଗା-ଗୁଣ୍ଡୁରା, ଜି-ନବରଙ୍ଗପୁର
OIPR-	Sd/- Tahasildar-cum-Spl.Land Acquisition Officer
Jeypore-Nabarangpur New BG
Rail Link Project, Nandahandi
